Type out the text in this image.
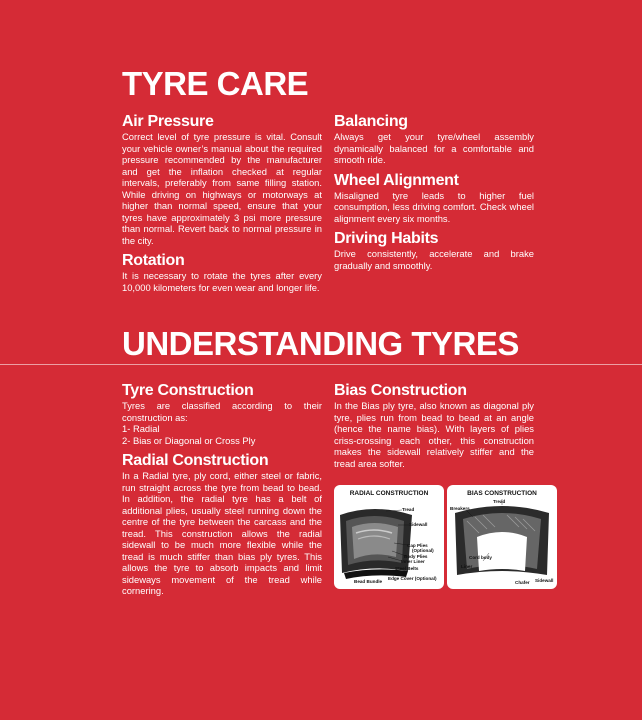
TYRE CARE
Air Pressure

Correct level of tyre pressure is vital. Consult your vehicle owner’s manual about the required pressure recommended by the manufacturer and get the inflation checked at regular intervals, preferably from same filling station. While driving on highways or motorways at higher than normal speed, ensure that your tyres have approximately 3 psi more pressure than normal. Revert back to normal pressure in the city.

Rotation

It is necessary to rotate the tyres after every 10,000 kilometers for even wear and longer life.

Balancing

Always get your tyre/wheel assembly dynamically balanced for a comfortable and smooth ride.

Wheel Alignment

Misaligned tyre leads to higher fuel consumption, less driving comfort. Check wheel alignment every six months.

Driving Habits

Drive consistently, accelerate and brake gradually and smoothly.

UNDERSTANDING TYRES
Tyre Construction

Tyres are classified according to their construction as:

1- Radial

2- Bias or Diagonal or Cross Ply

Radial Construction

In a Radial tyre, ply cord, either steel or fabric, run straight across the tyre from bead to bead. In addition, the radial tyre has a belt of additional plies, usually steel running down the centre of the tyre between the carcass and the tread. This construction allows the radial sidewall to be much more flexible while the tread is much stiffer than bias ply tyres. This allows the tyre to absorb impacts and limit sideways movement of the tread while cornering.

Bias Construction

In the Bias ply tyre, also known as diagonal ply tyre, plies run from bead to bead at an angle (hence the name bias). With layers of plies criss-crossing each other, this construction makes the sidewall relatively stiffer and the tread area softer.

RADIAL CONSTRUCTION
Tread
Sidewall
Cap Plies
(Optional)
Body Plies
Inner Liner
Steel Belts
Bead Bundle
Edge Cover (Optional)
BIAS CONSTRUCTION
Tread
Breakers
Cord body
Liner
Chafer Sidewall
